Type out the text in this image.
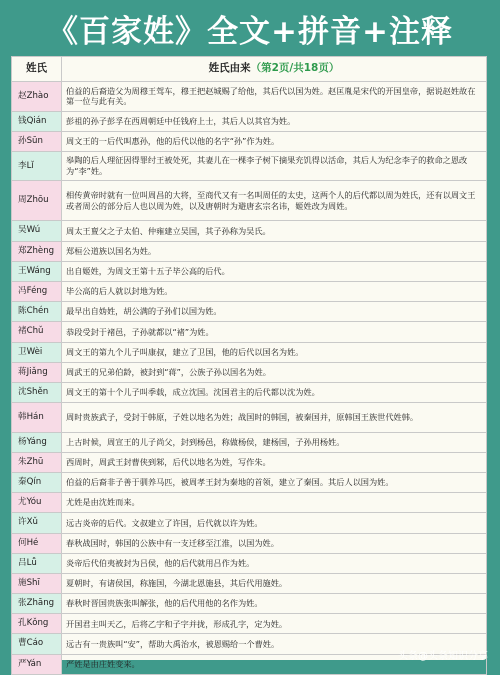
《百家姓》全文+拼音+注释
姓氏	姓氏由来（第2页/共18页）
赵Zhào	伯益的后裔造父为周穆王驾车，穆王把赵城赐了给他，其后代以国为姓。赵匡胤是宋代的开国皇帝，据说赵姓故在第一位与此有关。
钱Qián	彭祖的孙子彭孚在西周朝廷中任钱府上士，其后人以其官为姓。
孙Sūn	周文王的一后代叫惠孙，他的后代以他的名字“孙”作为姓。
李Lǐ	皋陶的后人理征因得罪纣王被处死，其妻儿在一棵李子树下摘果充饥得以活命，其后人为纪念李子的救命之恩改为“李”姓。
周Zhōu	相传黄帝时就有一位叫周昌的大将，至商代又有一名叫周任的太史，这两个人的后代都以周为姓氏，还有以周文王或者周公的部分后人也以周为姓，以及唐朝时为避唐玄宗名讳，姬姓改为周姓。
吴Wú	周太王亶父之子太伯、仲雍建立吴国，其子孙称为吴氏。
郑Zhèng	郑桓公道族以国名为姓。
王Wáng	出自姬姓，为周文王第十五子毕公高的后代。
冯Féng	毕公高的后人就以封地为姓。
陈Chén	最早出自妫姓，胡公满的子孙们以国为姓。
褚Chǔ	恭段受封于褚邑，子孙就都以“褚”为姓。
卫Wèi	周文王的第九个儿子叫康叔，建立了卫国，他的后代以国名为姓。
蒋Jiǎng	周武王的兄弟伯龄，被封到“蒋”，公族子孙以国名为姓。
沈Shěn	周文王的第十个儿子叫季载，成立沈国。沈国君主的后代都以沈为姓。
韩Hán	周时贵族武子，受封于韩原，子姓以地名为姓；战国时的韩国，被秦国并，原韩国王族世代姓韩。
杨Yáng	上古时候，周宣王的儿子尚父，封到杨邑，称做杨侯，建杨国，子孙用杨姓。
朱Zhū	西周时，周武王封曹侠到邾，后代以地名为姓，写作朱。
秦Qín	伯益的后裔非子善于驯养马匹，被周孝王封为秦地的首领，建立了秦国。其后人以国为姓。
尤Yóu	尤姓是由沈姓而来。
许Xǔ	远古炎帝的后代。文叔建立了许国，后代就以许为姓。
何Hé	春秋战国时，韩国的公族中有一支迁移至江淮，以国为姓。
吕Lǚ	炎帝后代伯夷被封为吕侯，他的后代就用吕作为姓。
施Shī	夏朝时，有诸侯国，称施国，今湖北恩施县，其后代用施姓。
张Zhāng	春秋时晋国贵族张叫解张，他的后代用他的名作为姓。
孔Kǒng	开国君主叫天乙，后将乙字和子字并拢，形成孔字，定为姓。
曹Cáo	远古有一贵族叫“安”，帮助大禹治水，被恩赐给一个曹姓。
严Yán	严姓是由庄姓变来。
头条@头条知识分享
